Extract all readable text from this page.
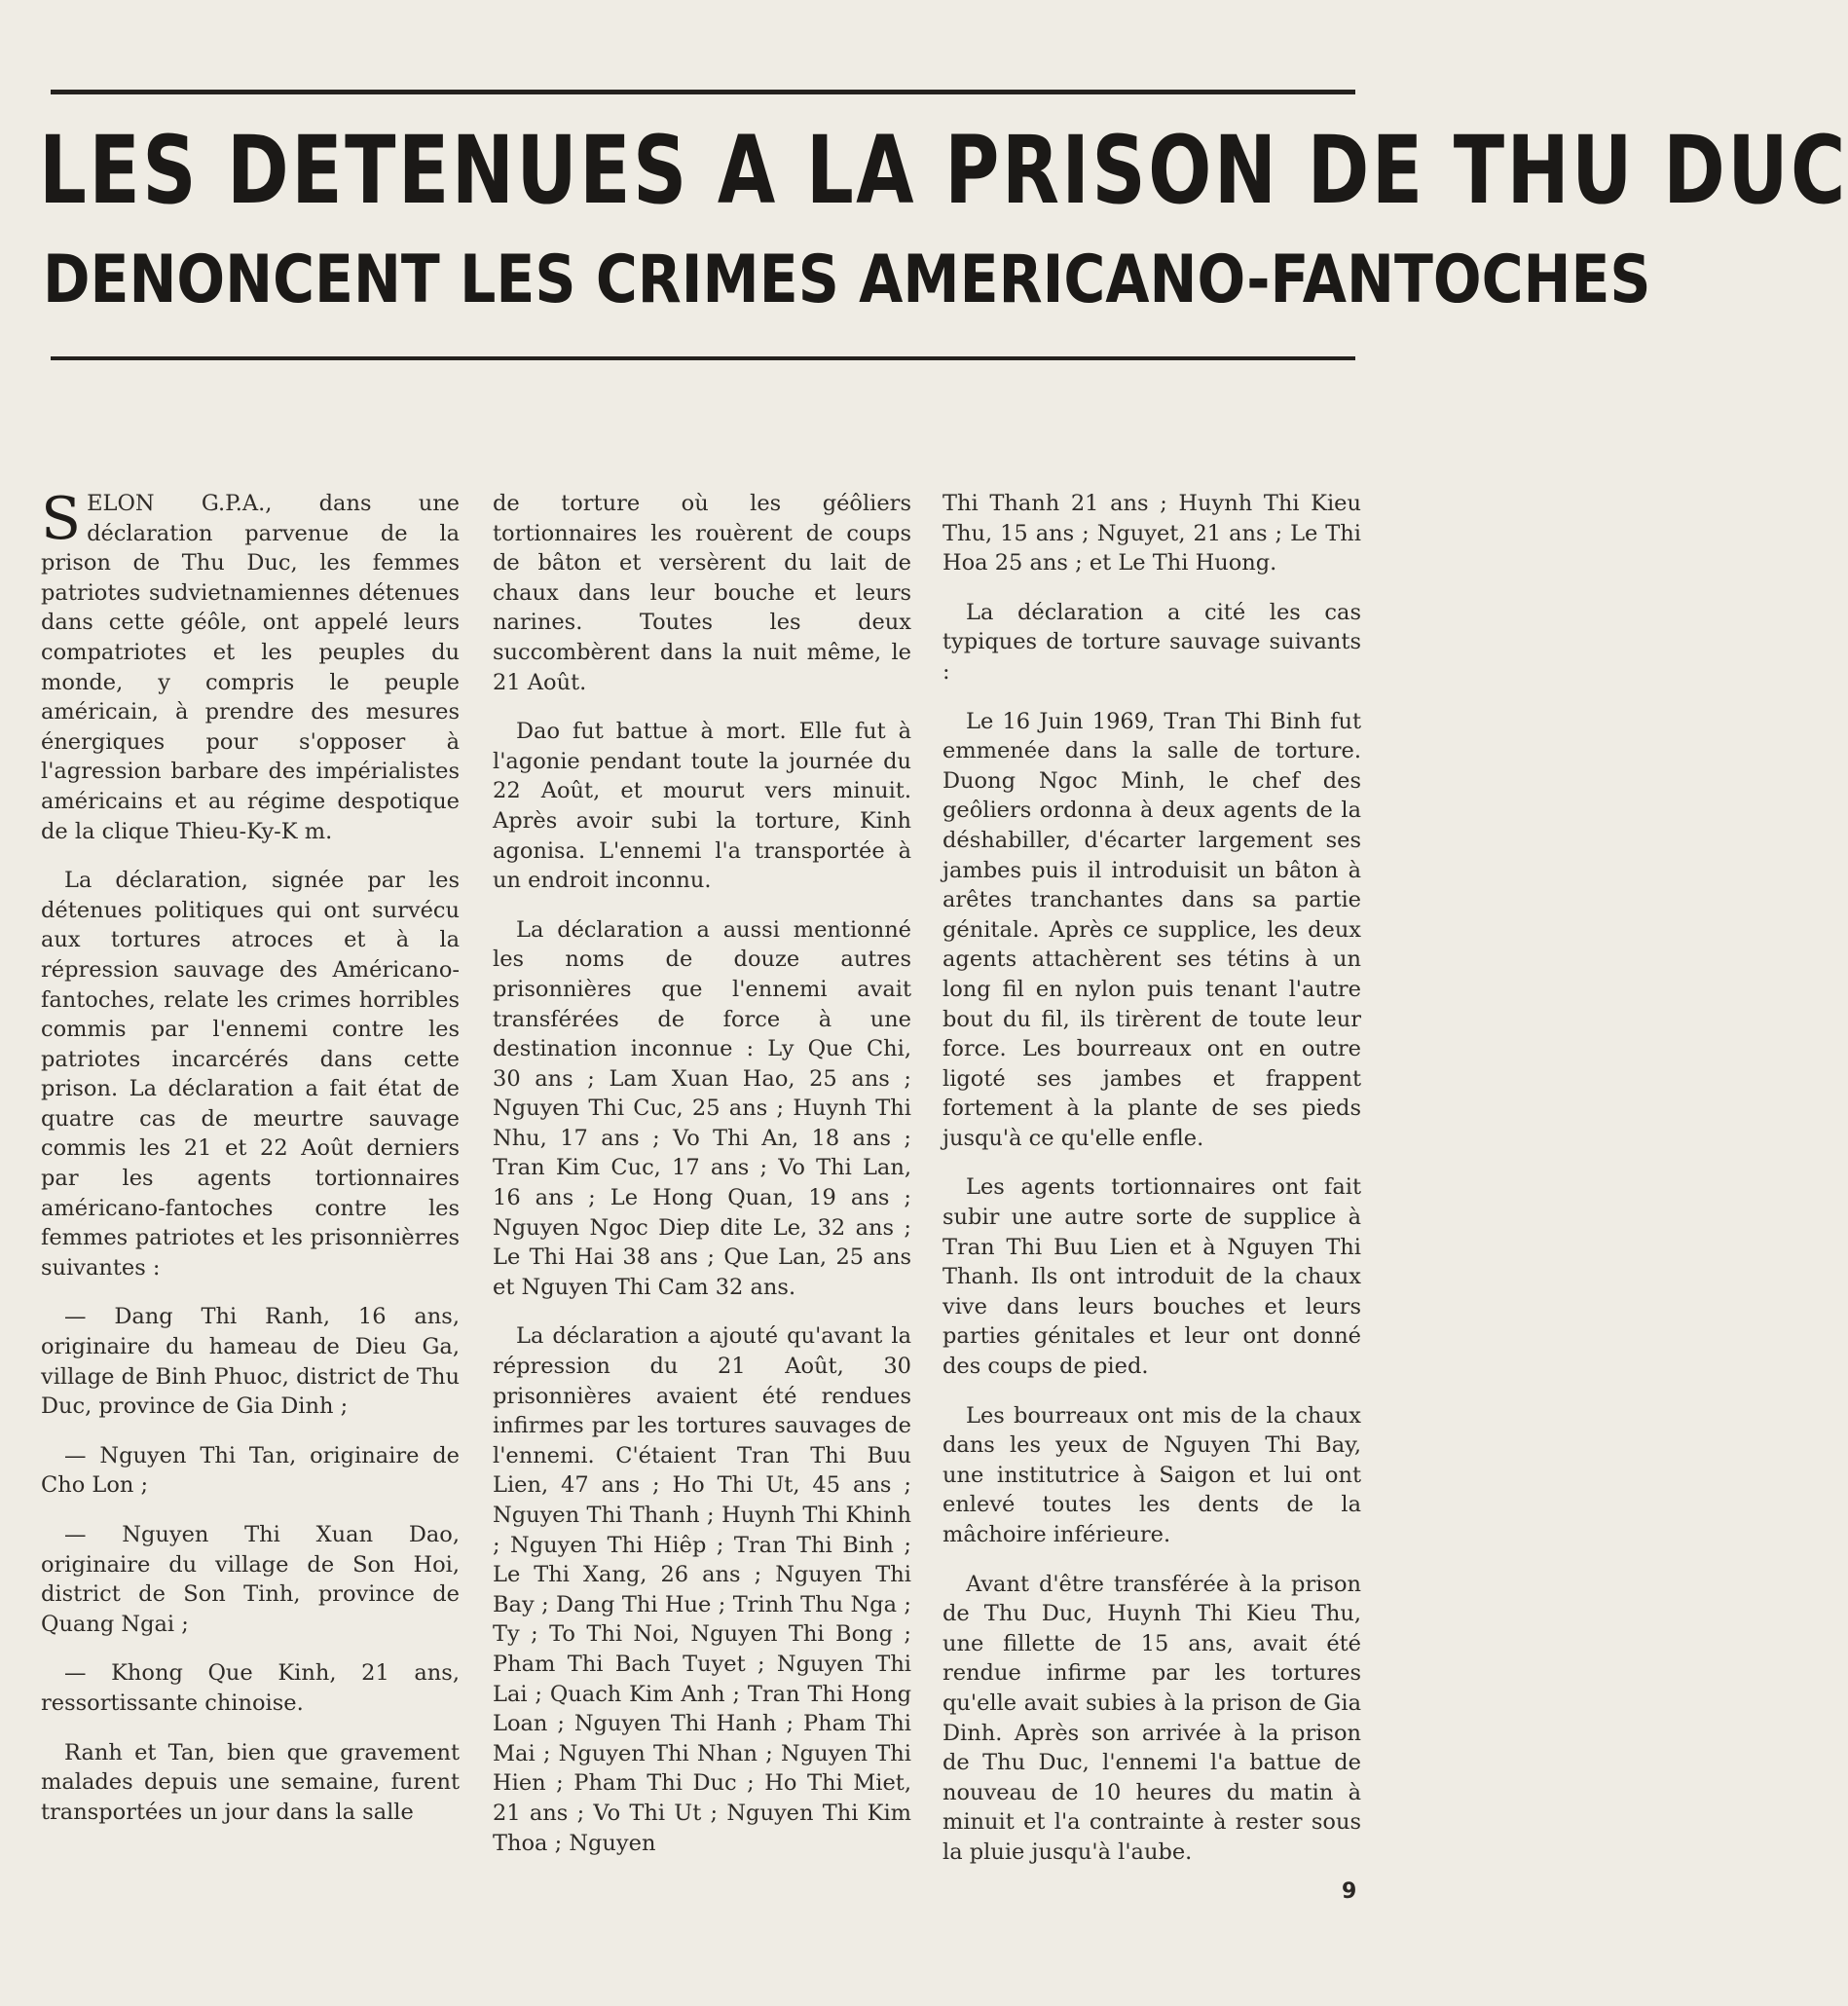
LES DETENUES A LA PRISON DE THU DUC
DENONCENT LES CRIMES AMERICANO-FANTOCHES

SELON G.P.A., dans une déclaration parvenue de la prison de Thu Duc, les femmes patriotes sudvietnamiennes détenues dans cette géôle, ont appelé leurs compatriotes et les peuples du monde, y compris le peuple américain, à prendre des mesures énergiques pour s'opposer à l'agression barbare des impérialistes américains et au régime despotique de la clique Thieu-Ky-K m.

La déclaration, signée par les détenues politiques qui ont survécu aux tortures atroces et à la répression sauvage des Américano-fantoches, relate les crimes horribles commis par l'ennemi contre les patriotes incarcérés dans cette prison. La déclaration a fait état de quatre cas de meurtre sauvage commis les 21 et 22 Août derniers par les agents tortionnaires américano-fantoches contre les femmes patriotes et les prisonnièrres suivantes :

— Dang Thi Ranh, 16 ans, originaire du hameau de Dieu Ga, village de Binh Phuoc, district de Thu Duc, province de Gia Dinh ;

— Nguyen Thi Tan, originaire de Cho Lon ;

— Nguyen Thi Xuan Dao, originaire du village de Son Hoi, district de Son Tinh, province de Quang Ngai ;

— Khong Que Kinh, 21 ans, ressortissante chinoise.

Ranh et Tan, bien que gravement malades depuis une semaine, furent transportées un jour dans la salle

de torture où les géôliers tortionnaires les rouèrent de coups de bâton et versèrent du lait de chaux dans leur bouche et leurs narines. Toutes les deux succombèrent dans la nuit même, le 21 Août.

Dao fut battue à mort. Elle fut à l'agonie pendant toute la journée du 22 Août, et mourut vers minuit. Après avoir subi la torture, Kinh agonisa. L'ennemi l'a transportée à un endroit inconnu.

La déclaration a aussi mentionné les noms de douze autres prisonnières que l'ennemi avait transférées de force à une destination inconnue : Ly Que Chi, 30 ans ; Lam Xuan Hao, 25 ans ; Nguyen Thi Cuc, 25 ans ; Huynh Thi Nhu, 17 ans ; Vo Thi An, 18 ans ; Tran Kim Cuc, 17 ans ; Vo Thi Lan, 16 ans ; Le Hong Quan, 19 ans ; Nguyen Ngoc Diep dite Le, 32 ans ; Le Thi Hai 38 ans ; Que Lan, 25 ans et Nguyen Thi Cam 32 ans.

La déclaration a ajouté qu'avant la répression du 21 Août, 30 prisonnières avaient été rendues infirmes par les tortures sauvages de l'ennemi. C'étaient Tran Thi Buu Lien, 47 ans ; Ho Thi Ut, 45 ans ; Nguyen Thi Thanh ; Huynh Thi Khinh ; Nguyen Thi Hiêp ; Tran Thi Binh ; Le Thi Xang, 26 ans ; Nguyen Thi Bay ; Dang Thi Hue ; Trinh Thu Nga ; Ty ; To Thi Noi, Nguyen Thi Bong ; Pham Thi Bach Tuyet ; Nguyen Thi Lai ; Quach Kim Anh ; Tran Thi Hong Loan ; Nguyen Thi Hanh ; Pham Thi Mai ; Nguyen Thi Nhan ; Nguyen Thi Hien ; Pham Thi Duc ; Ho Thi Miet, 21 ans ; Vo Thi Ut ; Nguyen Thi Kim Thoa ; Nguyen

Thi Thanh 21 ans ; Huynh Thi Kieu Thu, 15 ans ; Nguyet, 21 ans ; Le Thi Hoa 25 ans ; et Le Thi Huong.

La déclaration a cité les cas typiques de torture sauvage suivants :

Le 16 Juin 1969, Tran Thi Binh fut emmenée dans la salle de torture. Duong Ngoc Minh, le chef des geôliers ordonna à deux agents de la déshabiller, d'écarter largement ses jambes puis il introduisit un bâton à arêtes tranchantes dans sa partie génitale. Après ce supplice, les deux agents attachèrent ses tétins à un long fil en nylon puis tenant l'autre bout du fil, ils tirèrent de toute leur force. Les bourreaux ont en outre ligoté ses jambes et frappent fortement à la plante de ses pieds jusqu'à ce qu'elle enfle.

Les agents tortionnaires ont fait subir une autre sorte de supplice à Tran Thi Buu Lien et à Nguyen Thi Thanh. Ils ont introduit de la chaux vive dans leurs bouches et leurs parties génitales et leur ont donné des coups de pied.

Les bourreaux ont mis de la chaux dans les yeux de Nguyen Thi Bay, une institutrice à Saigon et lui ont enlevé toutes les dents de la mâchoire inférieure.

Avant d'être transférée à la prison de Thu Duc, Huynh Thi Kieu Thu, une fillette de 15 ans, avait été rendue infirme par les tortures qu'elle avait subies à la prison de Gia Dinh. Après son arrivée à la prison de Thu Duc, l'ennemi l'a battue de nouveau de 10 heures du matin à minuit et l'a contrainte à rester sous la pluie jusqu'à l'aube.

9
